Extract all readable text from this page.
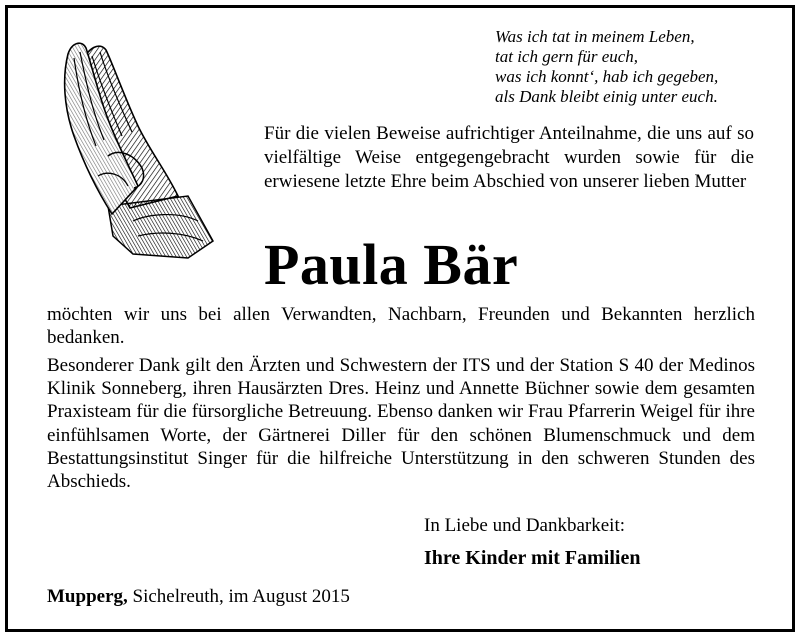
Was ich tat in meinem Leben,
tat ich gern für euch,
was ich konnt‘, hab ich gegeben,
als Dank bleibt einig unter euch.
Für die vielen Beweise aufrichtiger Anteilnahme, die uns auf so vielfältige Weise entgegengebracht wurden sowie für die erwiesene letzte Ehre beim Abschied von unserer lieben Mutter
Paula Bär
möchten wir uns bei allen Verwandten, Nachbarn, Freunden und Bekannten herzlich bedanken.
Besonderer Dank gilt den Ärzten und Schwestern der ITS und der Station S 40 der Medinos Klinik Sonneberg, ihren Hausärzten Dres. Heinz und Annette Büchner sowie dem gesamten Praxisteam für die fürsorgliche Betreuung. Ebenso danken wir Frau Pfarrerin Weigel für ihre einfühlsamen Worte, der Gärtnerei Diller für den schönen Blumenschmuck und dem Bestattungsinstitut Singer für die hilfreiche Unterstützung in den schweren Stunden des Abschieds.
In Liebe und Dankbarkeit:
Ihre Kinder mit Familien
Mupperg, Sichelreuth, im August 2015
